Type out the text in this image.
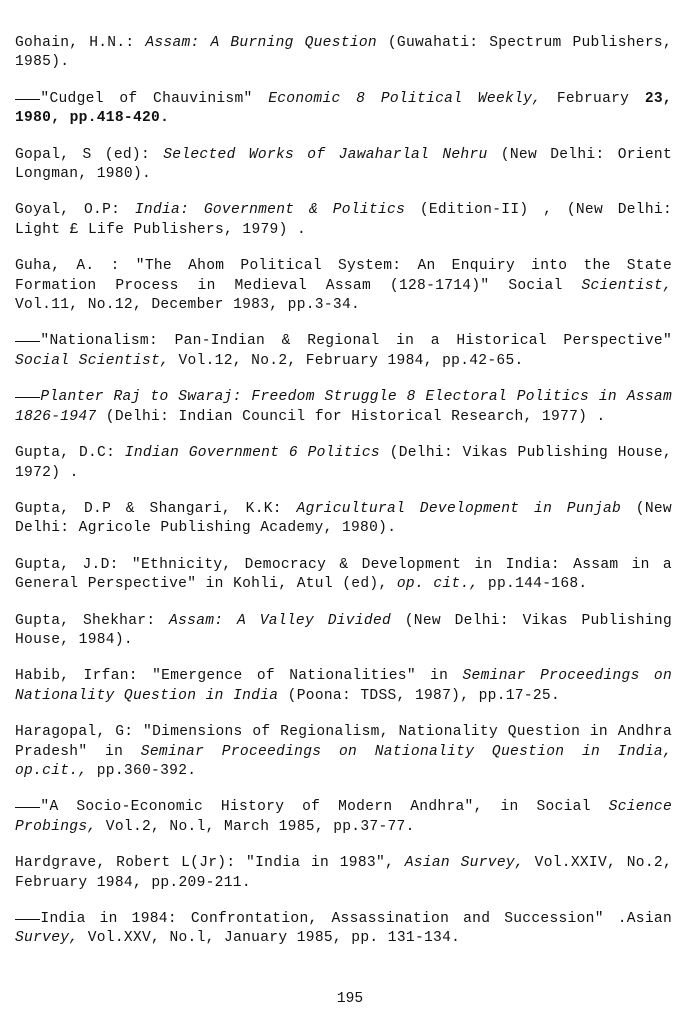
Gohain, H.N.: Assam: A Burning Question (Guwahati: Spectrum Publishers, 1985).

"Cudgel of Chauvinism" Economic 8 Political Weekly, February 23, 1980, pp.418-420.

Gopal, S (ed): Selected Works of Jawaharlal Nehru (New Delhi: Orient Longman, 1980).

Goyal, O.P: India: Government & Politics (Edition-II) , (New Delhi: Light £ Life Publishers, 1979) .

Guha, A. : "The Ahom Political System: An Enquiry into the State Formation Process in Medieval Assam (128-1714)" Social Scientist, Vol.11, No.12, December 1983, pp.3-34.

"Nationalism: Pan-Indian & Regional in a Historical Perspective" Social Scientist, Vol.12, No.2, February 1984, pp.42-65.

Planter Raj to Swaraj: Freedom Struggle 8 Electoral Politics in Assam 1826-1947 (Delhi: Indian Council for Historical Research, 1977) .

Gupta, D.C: Indian Government 6 Politics (Delhi: Vikas Publishing House, 1972) .

Gupta, D.P & Shangari, K.K: Agricultural Development in Punjab (New Delhi: Agricole Publishing Academy, 1980).

Gupta, J.D: "Ethnicity, Democracy & Development in India: Assam in a General Perspective" in Kohli, Atul (ed), op. cit., pp.144-168.

Gupta, Shekhar: Assam: A Valley Divided (New Delhi: Vikas Publishing House, 1984).

Habib, Irfan: "Emergence of Nationalities" in Seminar Proceedings on Nationality Question in India (Poona: TDSS, 1987), pp.17-25.

Haragopal, G: "Dimensions of Regionalism, Nationality Question in Andhra Pradesh" in Seminar Proceedings on Nationality Question in India, op.cit., pp.360-392.

"A Socio-Economic History of Modern Andhra", in Social Science Probings, Vol.2, No.l, March 1985, pp.37-77.

Hardgrave, Robert L(Jr): "India in 1983", Asian Survey, Vol.XXIV, No.2, February 1984, pp.209-211.

India in 1984: Confrontation, Assassination and Succession" .Asian Survey, Vol.XXV, No.l, January 1985, pp. 131-134.

195
